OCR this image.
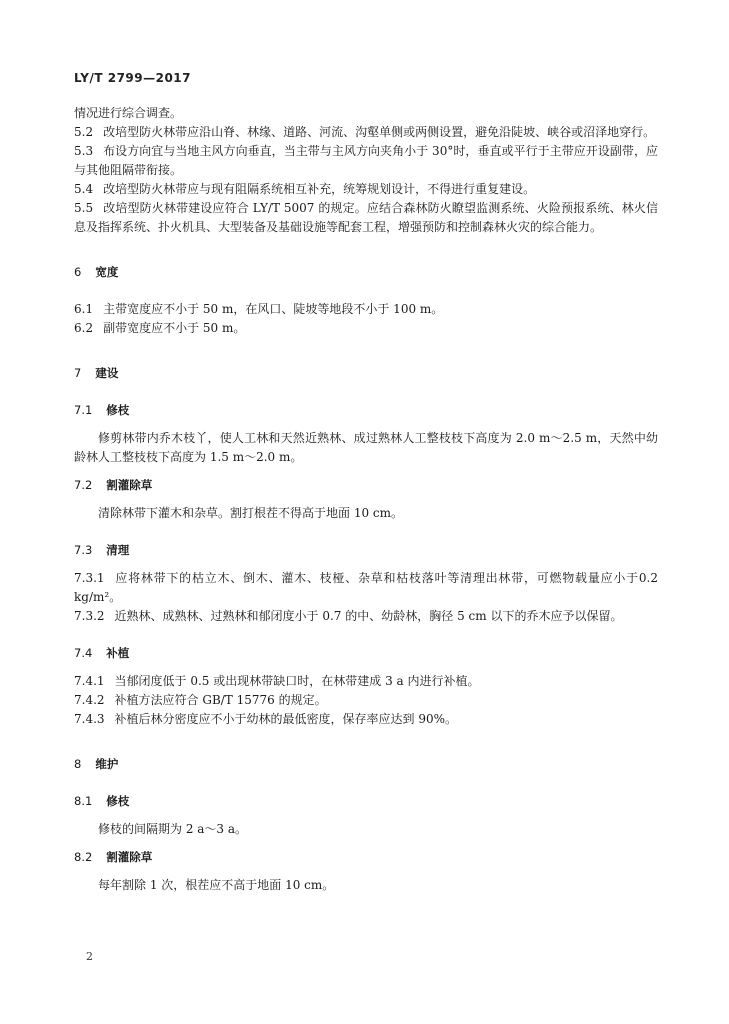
LY/T 2799—2017

情况进行综合调查。

5.2 改培型防火林带应沿山脊、林缘、道路、河流、沟壑单侧或两侧设置，避免沿陡坡、峡谷或沼泽地穿行。

5.3 布设方向宜与当地主风方向垂直，当主带与主风方向夹角小于 30°时，垂直或平行于主带应开设副带，应与其他阻隔带衔接。

5.4 改培型防火林带应与现有阻隔系统相互补充，统筹规划设计，不得进行重复建设。

5.5 改培型防火林带建设应符合 LY/T 5007 的规定。应结合森林防火瞭望监测系统、火险预报系统、林火信息及指挥系统、扑火机具、大型装备及基础设施等配套工程，增强预防和控制森林火灾的综合能力。

6 宽度

6.1 主带宽度应不小于 50 m，在风口、陡坡等地段不小于 100 m。

6.2 副带宽度应不小于 50 m。

7 建设

7.1 修枝

修剪林带内乔木枝丫，使人工林和天然近熟林、成过熟林人工整枝枝下高度为 2.0 m～2.5 m，天然中幼龄林人工整枝枝下高度为 1.5 m～2.0 m。

7.2 割灌除草

清除林带下灌木和杂草。割打根茬不得高于地面 10 cm。

7.3 清理

7.3.1 应将林带下的枯立木、倒木、灌木、枝桠、杂草和枯枝落叶等清理出林带，可燃物载量应小于0.2 kg/m²。

7.3.2 近熟林、成熟林、过熟林和郁闭度小于 0.7 的中、幼龄林，胸径 5 cm 以下的乔木应予以保留。

7.4 补植

7.4.1 当郁闭度低于 0.5 或出现林带缺口时，在林带建成 3 a 内进行补植。

7.4.2 补植方法应符合 GB/T 15776 的规定。

7.4.3 补植后林分密度应不小于幼林的最低密度，保存率应达到 90%。

8 维护

8.1 修枝

修枝的间隔期为 2 a～3 a。

8.2 割灌除草

每年割除 1 次，根茬应不高于地面 10 cm。

2
